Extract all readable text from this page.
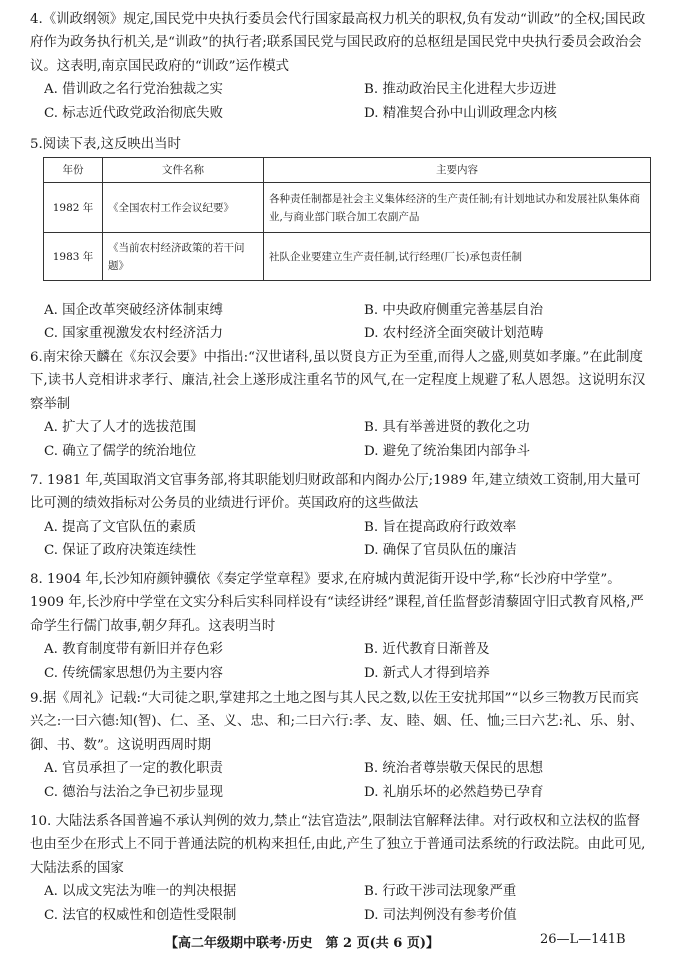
4.《训政纲领》规定,国民党中央执行委员会代行国家最高权力机关的职权,负有发动“训政”的全权;国民政府作为政务执行机关,是“训政”的执行者;联系国民党与国民政府的总枢纽是国民党中央执行委员会政治会议。这表明,南京国民政府的“训政”运作模式

A. 借训政之名行党治独裁之实	B. 推动政治民主化进程大步迈进
C. 标志近代政党政治彻底失败	D. 精准契合孙中山训政理念内核

5.阅读下表,这反映出当时

年份	文件名称	主要内容
1982 年	《全国农村工作会议纪要》	各种责任制都是社会主义集体经济的生产责任制;有计划地试办和发展社队集体商业,与商业部门联合加工农副产品
1983 年	《当前农村经济政策的若干问题》	社队企业要建立生产责任制,试行经理(厂长)承包责任制
A. 国企改革突破经济体制束缚	B. 中央政府侧重完善基层自治
C. 国家重视激发农村经济活力	D. 农村经济全面突破计划范畴

6.南宋徐天麟在《东汉会要》中指出:“汉世诸科,虽以贤良方正为至重,而得人之盛,则莫如孝廉。”在此制度下,读书人竞相讲求孝行、廉洁,社会上遂形成注重名节的风气,在一定程度上规避了私人恩怨。这说明东汉察举制

A. 扩大了人才的选拔范围	B. 具有举善进贤的教化之功
C. 确立了儒学的统治地位	D. 避免了统治集团内部争斗

7. 1981 年,英国取消文官事务部,将其职能划归财政部和内阁办公厅;1989 年,建立绩效工资制,用大量可比可测的绩效指标对公务员的业绩进行评价。英国政府的这些做法

A. 提高了文官队伍的素质	B. 旨在提高政府行政效率
C. 保证了政府决策连续性	D. 确保了官员队伍的廉洁

8. 1904 年,长沙知府颜钟骥依《奏定学堂章程》要求,在府城内黄泥街开设中学,称“长沙府中学堂”。1909 年,长沙府中学堂在文实分科后实科同样设有“读经讲经”课程,首任监督彭清藜固守旧式教育风格,严命学生行儒门故事,朝夕拜孔。这表明当时

A. 教育制度带有新旧并存色彩	B. 近代教育日渐普及
C. 传统儒家思想仍为主要内容	D. 新式人才得到培养

9.据《周礼》记载:“大司徒之职,掌建邦之土地之图与其人民之数,以佐王安扰邦国”“以乡三物教万民而宾兴之:一曰六德:知(智)、仁、圣、义、忠、和;二曰六行:孝、友、睦、姻、任、恤;三曰六艺:礼、乐、射、御、书、数”。这说明西周时期

A. 官员承担了一定的教化职责	B. 统治者尊崇敬天保民的思想
C. 德治与法治之争已初步显现	D. 礼崩乐坏的必然趋势已孕育

10. 大陆法系各国普遍不承认判例的效力,禁止“法官造法”,限制法官解释法律。对行政权和立法权的监督也由至少在形式上不同于普通法院的机构来担任,由此,产生了独立于普通司法系统的行政法院。由此可见,大陆法系的国家

A. 以成文宪法为唯一的判决根据	B. 行政干涉司法现象严重
C. 法官的权威性和创造性受限制	D. 司法判例没有参考价值
【高二年级期中联考·历史　第 2 页(共 6 页)】	26—L—141B
